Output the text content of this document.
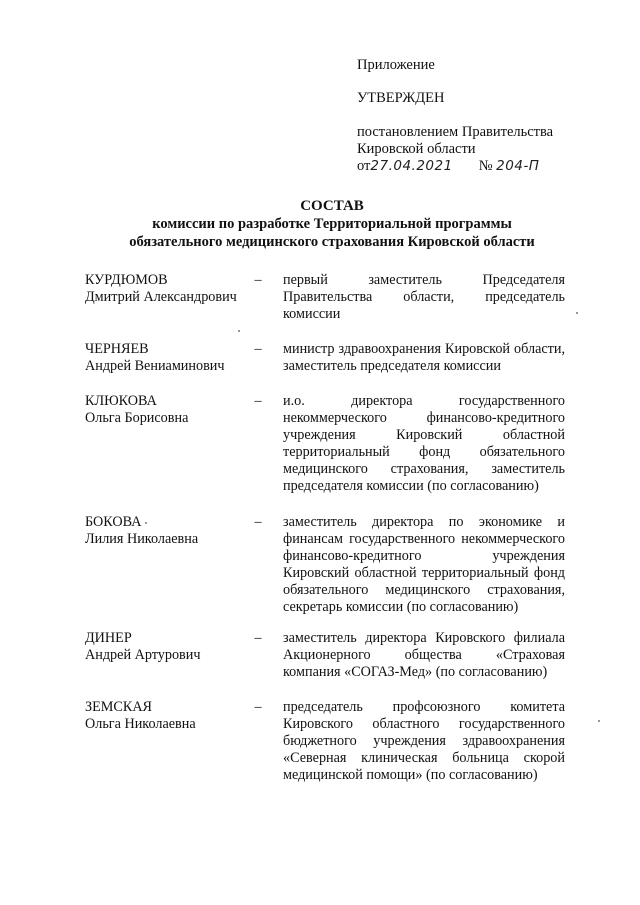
Приложение
УТВЕРЖДЕН
постановлением Правительства
Кировской области
от27.04.2021 № 204-П
СОСТАВ
комиссии по разработке Территориальной программы
обязательного медицинского страхования Кировской области
КУРДЮМОВ
Дмитрий Александрович
–	первый заместитель Председателя Правительства области, председатель комиссии
ЧЕРНЯЕВ
Андрей Вениаминович
–	министр здравоохранения Кировской области, заместитель председателя комиссии
КЛЮКОВА
Ольга Борисовна
–	и.о. директора государственного некоммерческого финансово-кредитного учреждения Кировский областной территориальный фонд обязательного медицинского страхования, заместитель председателя комиссии (по согласованию)
БОКОВА
Лилия Николаевна
–	заместитель директора по экономике и финансам государственного некоммерческого финансово-кредитного учреждения Кировский областной территориальный фонд обязательного медицинского страхования, секретарь комиссии (по согласованию)
ДИНЕР
Андрей Артурович
–	заместитель директора Кировского филиала Акционерного общества «Страховая компания «СОГАЗ-Мед» (по согласованию)
ЗЕМСКАЯ
Ольга Николаевна
–	председатель профсоюзного комитета Кировского областного государственного бюджетного учреждения здравоохранения «Северная клиническая больница скорой медицинской помощи» (по согласованию)
